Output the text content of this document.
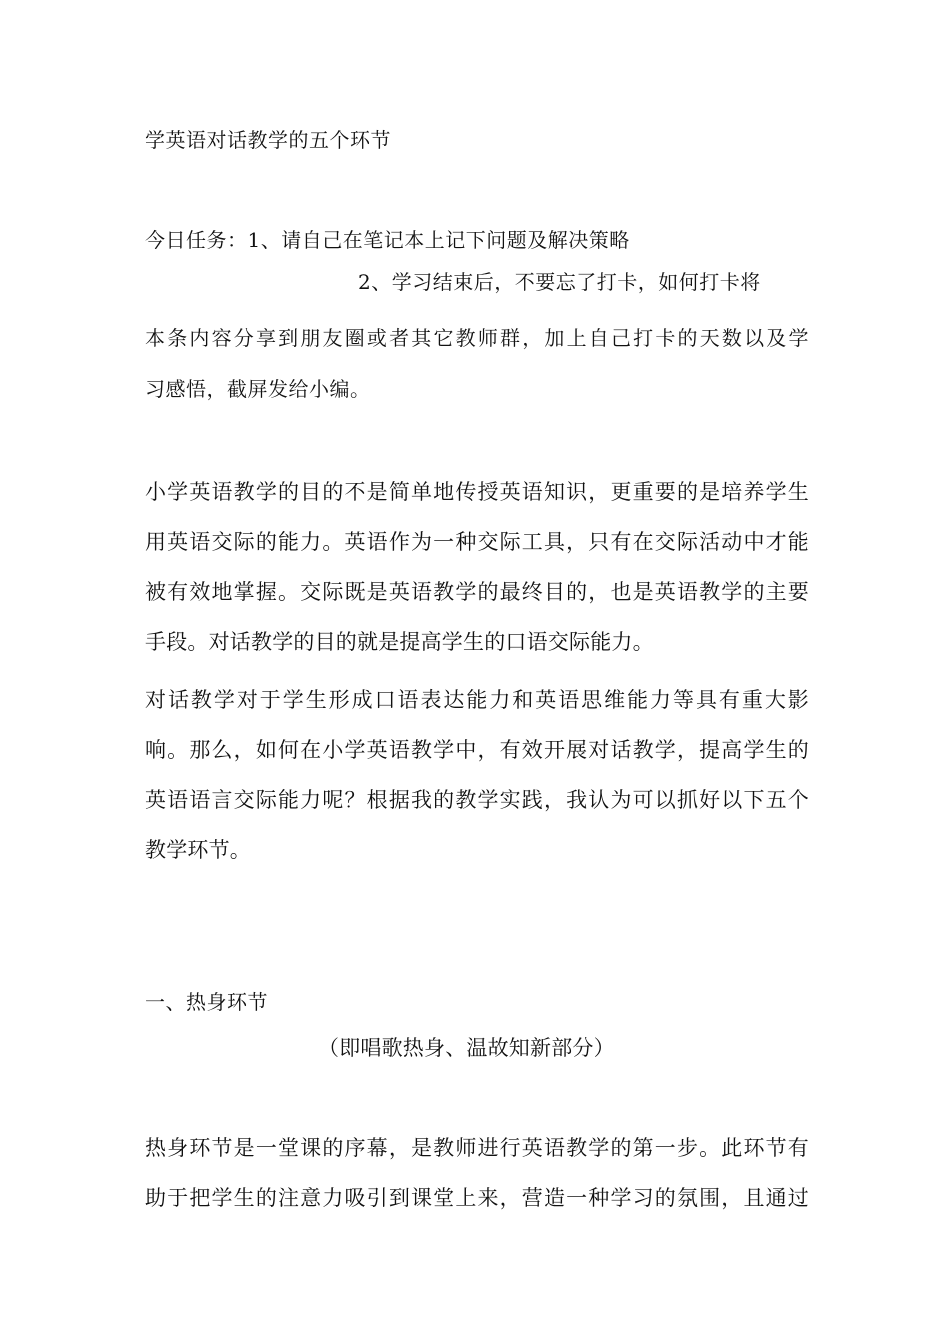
学英语对话教学的五个环节

今日任务：1、请自己在笔记本上记下问题及解决策略

2、学习结束后，不要忘了打卡，如何打卡将

本条内容分享到朋友圈或者其它教师群，加上自己打卡的天数以及学

习感悟，截屏发给小编。

小学英语教学的目的不是简单地传授英语知识，更重要的是培养学生

用英语交际的能力。英语作为一种交际工具，只有在交际活动中才能

被有效地掌握。交际既是英语教学的最终目的，也是英语教学的主要

手段。对话教学的目的就是提高学生的口语交际能力。

对话教学对于学生形成口语表达能力和英语思维能力等具有重大影

响。那么，如何在小学英语教学中，有效开展对话教学，提高学生的

英语语言交际能力呢？根据我的教学实践，我认为可以抓好以下五个

教学环节。

一、热身环节

（即唱歌热身、温故知新部分）

热身环节是一堂课的序幕，是教师进行英语教学的第一步。此环节有

助于把学生的注意力吸引到课堂上来，营造一种学习的氛围，且通过
